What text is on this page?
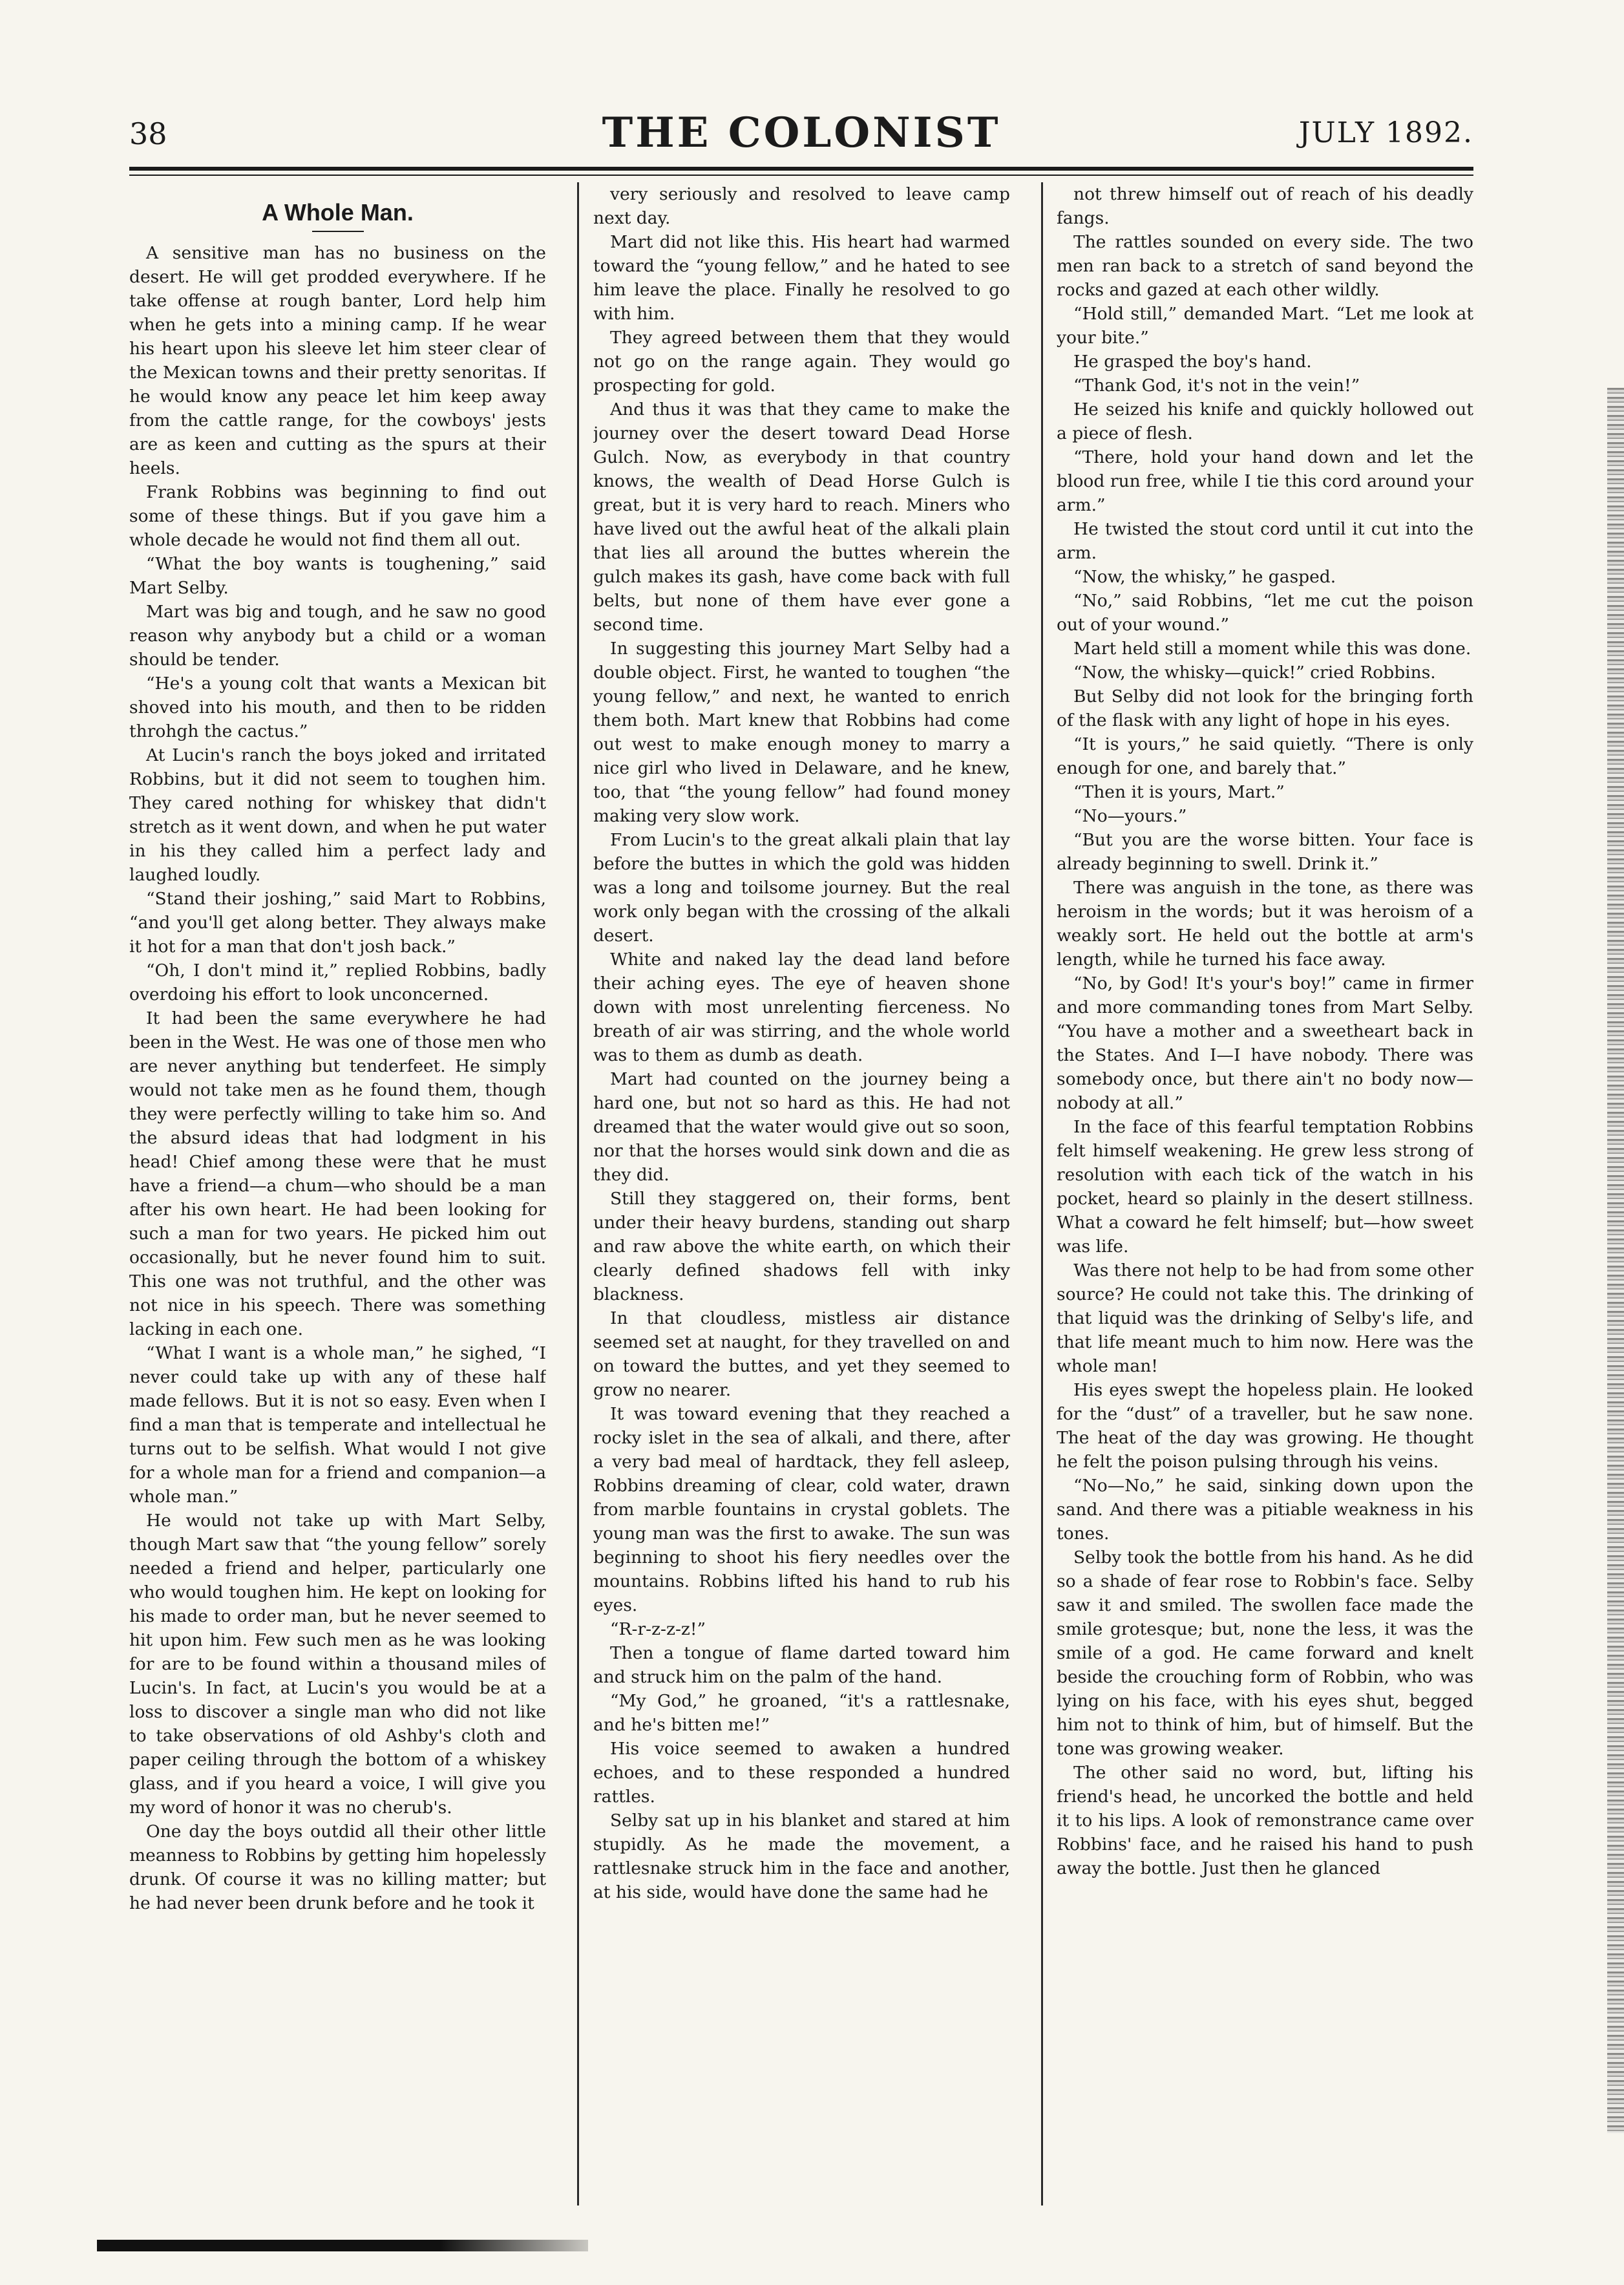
38	THE COLONIST	JULY 1892.
A Whole Man.

A sensitive man has no business on the desert. He will get prodded everywhere. If he take offense at rough banter, Lord help him when he gets into a mining camp. If he wear his heart upon his sleeve let him steer clear of the Mexican towns and their pretty senoritas. If he would know any peace let him keep away from the cattle range, for the cowboys' jests are as keen and cutting as the spurs at their heels.

Frank Robbins was beginning to find out some of these things. But if you gave him a whole decade he would not find them all out.

“What the boy wants is toughening,” said Mart Selby.

Mart was big and tough, and he saw no good reason why anybody but a child or a woman should be tender.

“He's a young colt that wants a Mexican bit shoved into his mouth, and then to be ridden throhgh the cactus.”

At Lucin's ranch the boys joked and irritated Robbins, but it did not seem to toughen him. They cared nothing for whiskey that didn't stretch as it went down, and when he put water in his they called him a perfect lady and laughed loudly.

“Stand their joshing,” said Mart to Robbins, “and you'll get along better. They always make it hot for a man that don't josh back.”

“Oh, I don't mind it,” replied Robbins, badly overdoing his effort to look unconcerned.

It had been the same everywhere he had been in the West. He was one of those men who are never anything but tenderfeet. He simply would not take men as he found them, though they were perfectly willing to take him so. And the absurd ideas that had lodgment in his head! Chief among these were that he must have a friend—a chum—who should be a man after his own heart. He had been looking for such a man for two years. He picked him out occasionally, but he never found him to suit. This one was not truthful, and the other was not nice in his speech. There was something lacking in each one.

“What I want is a whole man,” he sighed, “I never could take up with any of these half made fellows. But it is not so easy. Even when I find a man that is temperate and intellectual he turns out to be selfish. What would I not give for a whole man for a friend and companion—a whole man.”

He would not take up with Mart Selby, though Mart saw that “the young fellow” sorely needed a friend and helper, particularly one who would toughen him. He kept on looking for his made to order man, but he never seemed to hit upon him. Few such men as he was looking for are to be found within a thousand miles of Lucin's. In fact, at Lucin's you would be at a loss to discover a single man who did not like to take observations of old Ashby's cloth and paper ceiling through the bottom of a whiskey glass, and if you heard a voice, I will give you my word of honor it was no cherub's.

One day the boys outdid all their other little meanness to Robbins by getting him hopelessly drunk. Of course it was no killing matter; but he had never been drunk before and he took it

very seriously and resolved to leave camp next day.

Mart did not like this. His heart had warmed toward the “young fellow,” and he hated to see him leave the place. Finally he resolved to go with him.

They agreed between them that they would not go on the range again. They would go prospecting for gold.

And thus it was that they came to make the journey over the desert toward Dead Horse Gulch. Now, as everybody in that country knows, the wealth of Dead Horse Gulch is great, but it is very hard to reach. Miners who have lived out the awful heat of the alkali plain that lies all around the buttes wherein the gulch makes its gash, have come back with full belts, but none of them have ever gone a second time.

In suggesting this journey Mart Selby had a double object. First, he wanted to toughen “the young fellow,” and next, he wanted to enrich them both. Mart knew that Robbins had come out west to make enough money to marry a nice girl who lived in Delaware, and he knew, too, that “the young fellow” had found money making very slow work.

From Lucin's to the great alkali plain that lay before the buttes in which the gold was hidden was a long and toilsome journey. But the real work only began with the crossing of the alkali desert.

White and naked lay the dead land before their aching eyes. The eye of heaven shone down with most unrelenting fierceness. No breath of air was stirring, and the whole world was to them as dumb as death.

Mart had counted on the journey being a hard one, but not so hard as this. He had not dreamed that the water would give out so soon, nor that the horses would sink down and die as they did.

Still they staggered on, their forms, bent under their heavy burdens, standing out sharp and raw above the white earth, on which their clearly defined shadows fell with inky blackness.

In that cloudless, mistless air distance seemed set at naught, for they travelled on and on toward the buttes, and yet they seemed to grow no nearer.

It was toward evening that they reached a rocky islet in the sea of alkali, and there, after a very bad meal of hardtack, they fell asleep, Robbins dreaming of clear, cold water, drawn from marble fountains in crystal goblets. The young man was the first to awake. The sun was beginning to shoot his fiery needles over the mountains. Robbins lifted his hand to rub his eyes.

“R-r-z-z-z!”

Then a tongue of flame darted toward him and struck him on the palm of the hand.

“My God,” he groaned, “it's a rattlesnake, and he's bitten me!”

His voice seemed to awaken a hundred echoes, and to these responded a hundred rattles.

Selby sat up in his blanket and stared at him stupidly. As he made the movement, a rattlesnake struck him in the face and another, at his side, would have done the same had he

not threw himself out of reach of his deadly fangs.

The rattles sounded on every side. The two men ran back to a stretch of sand beyond the rocks and gazed at each other wildly.

“Hold still,” demanded Mart. “Let me look at your bite.”

He grasped the boy's hand.

“Thank God, it's not in the vein!”

He seized his knife and quickly hollowed out a piece of flesh.

“There, hold your hand down and let the blood run free, while I tie this cord around your arm.”

He twisted the stout cord until it cut into the arm.

“Now, the whisky,” he gasped.

“No,” said Robbins, “let me cut the poison out of your wound.”

Mart held still a moment while this was done.

“Now, the whisky—quick!” cried Robbins.

But Selby did not look for the bringing forth of the flask with any light of hope in his eyes.

“It is yours,” he said quietly. “There is only enough for one, and barely that.”

“Then it is yours, Mart.”

“No—yours.”

“But you are the worse bitten. Your face is already beginning to swell. Drink it.”

There was anguish in the tone, as there was heroism in the words; but it was heroism of a weakly sort. He held out the bottle at arm's length, while he turned his face away.

“No, by God! It's your's boy!” came in firmer and more commanding tones from Mart Selby. “You have a mother and a sweetheart back in the States. And I—I have nobody. There was somebody once, but there ain't no body now—nobody at all.”

In the face of this fearful temptation Robbins felt himself weakening. He grew less strong of resolution with each tick of the watch in his pocket, heard so plainly in the desert stillness. What a coward he felt himself; but—how sweet was life.

Was there not help to be had from some other source? He could not take this. The drinking of that liquid was the drinking of Selby's life, and that life meant much to him now. Here was the whole man!

His eyes swept the hopeless plain. He looked for the “dust” of a traveller, but he saw none. The heat of the day was growing. He thought he felt the poison pulsing through his veins.

“No—No,” he said, sinking down upon the sand. And there was a pitiable weakness in his tones.

Selby took the bottle from his hand. As he did so a shade of fear rose to Robbin's face. Selby saw it and smiled. The swollen face made the smile grotesque; but, none the less, it was the smile of a god. He came forward and knelt beside the crouching form of Robbin, who was lying on his face, with his eyes shut, begged him not to think of him, but of himself. But the tone was growing weaker.

The other said no word, but, lifting his friend's head, he uncorked the bottle and held it to his lips. A look of remonstrance came over Robbins' face, and he raised his hand to push away the bottle. Just then he glanced
